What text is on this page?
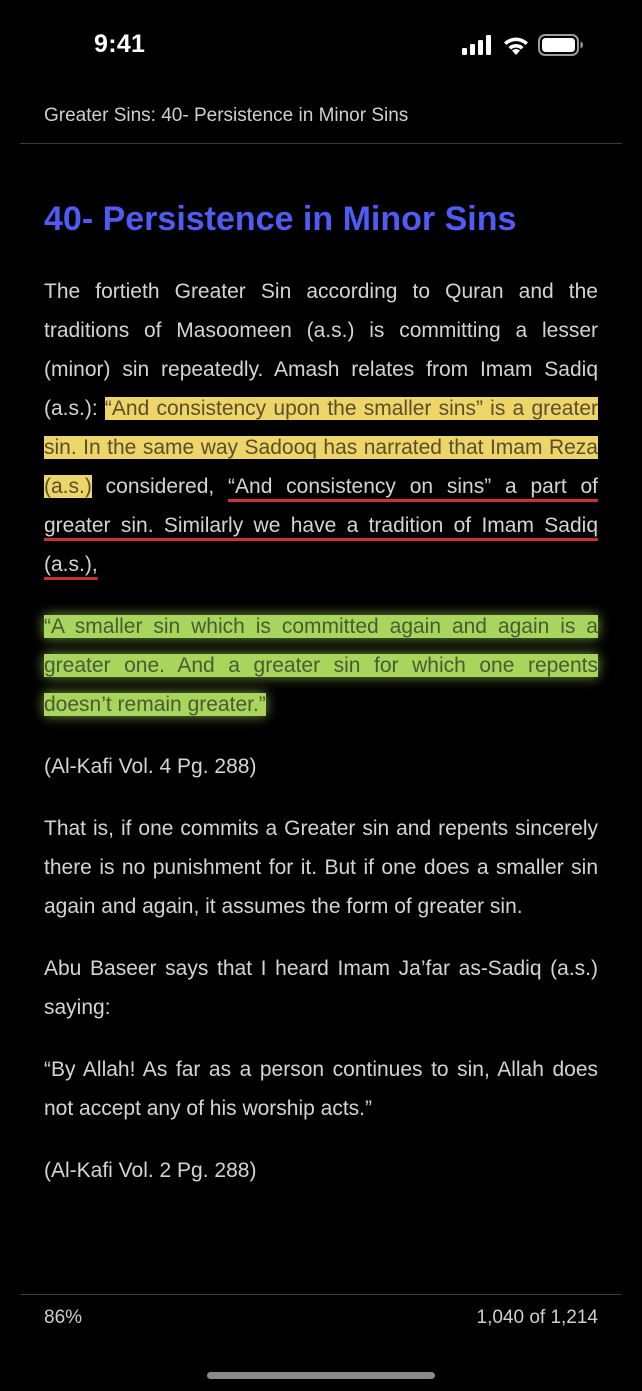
9:41
Greater Sins: 40- Persistence in Minor Sins
40- Persistence in Minor Sins

The fortieth Greater Sin according to Quran and the traditions of Masoomeen (a.s.) is committing a lesser (minor) sin repeatedly. Amash relates from Imam Sadiq (a.s.): “And consistency upon the smaller sins” is a greater sin. In the same way Sadooq has narrated that Imam Reza (a.s.) considered, “And consistency on sins” a part of greater sin. Similarly we have a tradition of Imam Sadiq (a.s.),

“A smaller sin which is committed again and again is a greater one. And a greater sin for which one repents doesn’t remain greater.”

(Al-Kafi Vol. 4 Pg. 288)

That is, if one commits a Greater sin and repents sincerely there is no punishment for it. But if one does a smaller sin again and again, it assumes the form of greater sin.

Abu Baseer says that I heard Imam Ja’far as-Sadiq (a.s.) saying:

“By Allah! As far as a person continues to sin, Allah does not accept any of his worship acts.”

(Al-Kafi Vol. 2 Pg. 288)

86%	1,040 of 1,214
